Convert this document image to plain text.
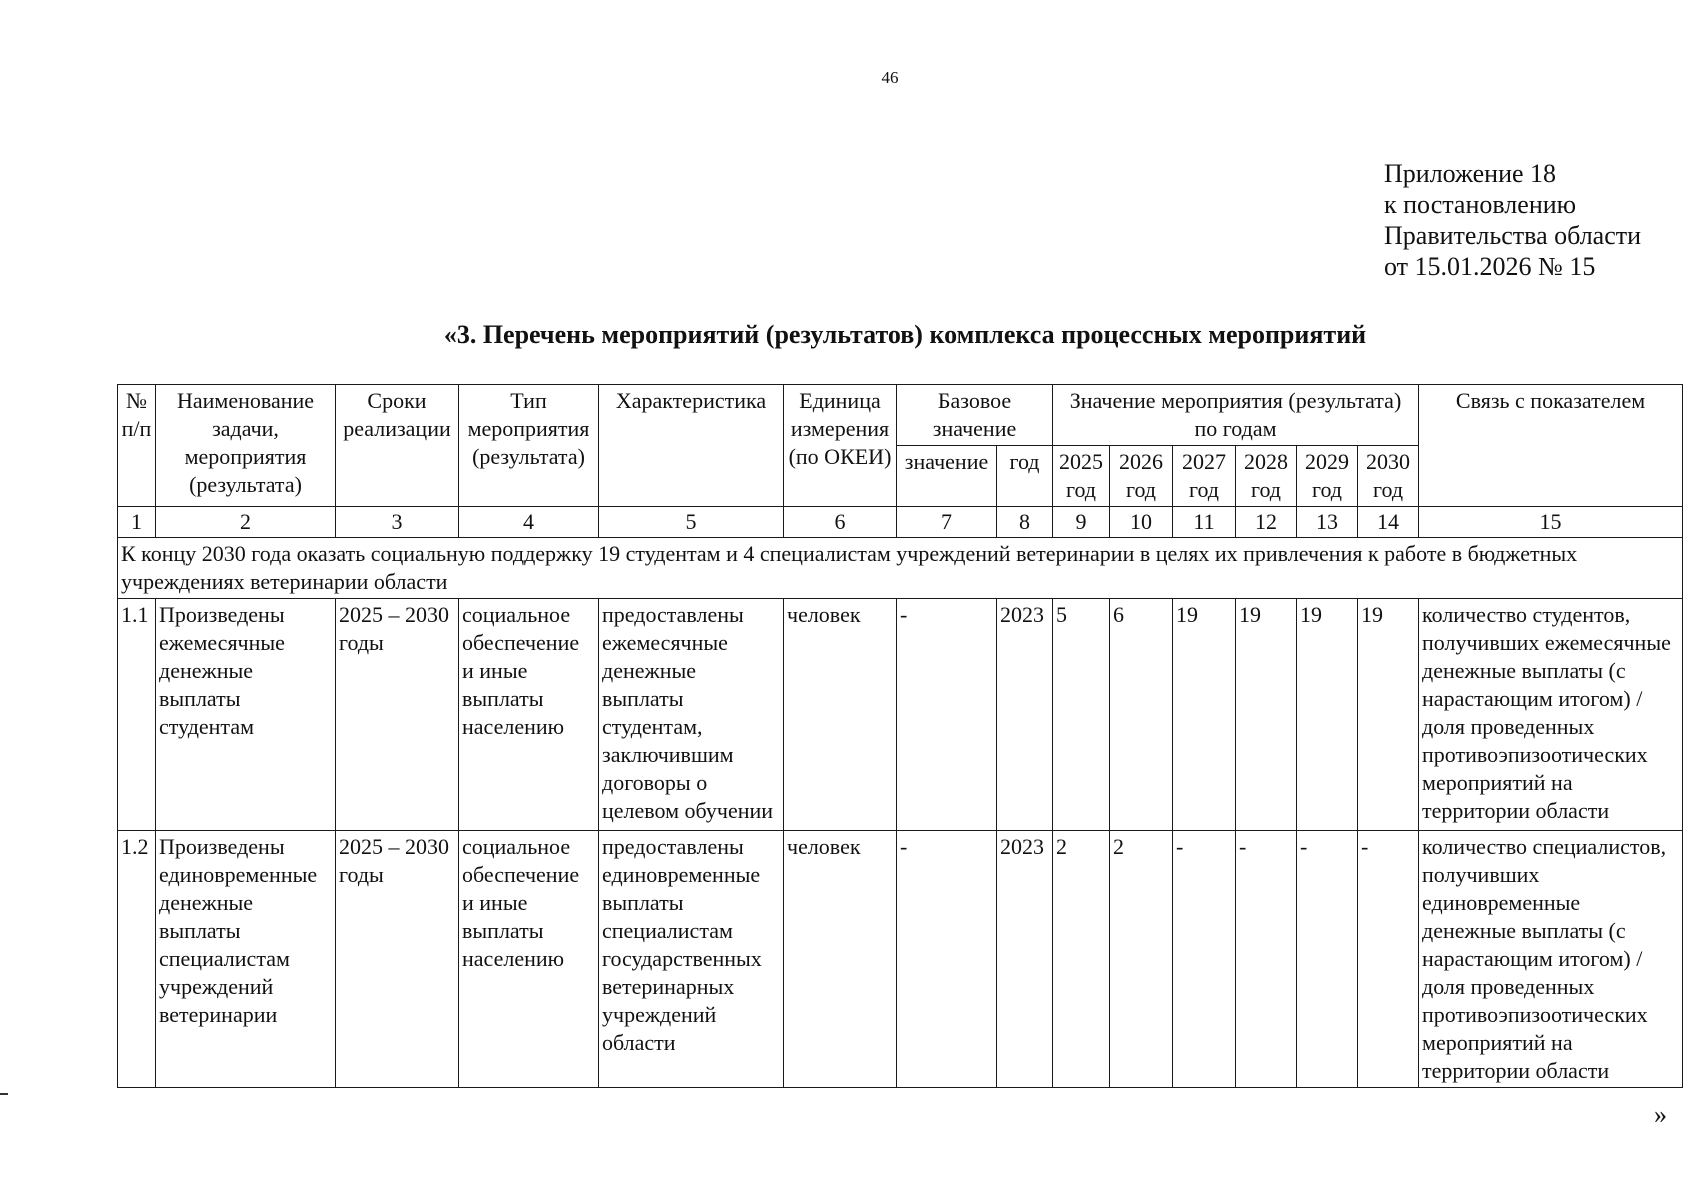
46
Приложение 18
к постановлению
Правительства области
от 15.01.2026 № 15
«3. Перечень мероприятий (результатов) комплекса процессных мероприятий
№ п/п	Наименование задачи, мероприятия (результата)	Сроки реализации	Тип мероприятия (результата)	Характеристика	Единица измерения (по ОКЕИ)	Базовое значение		Значение мероприятия (результата) по годам						Связь с показателем
						значение	год	2025 год	2026 год	2027 год	2028 год	2029 год	2030 год	
1	2	3	4	5	6	7	8	9	10	11	12	13	14	15
К концу 2030 года оказать социальную поддержку 19 студентам и 4 специалистам учреждений ветеринарии в целях их привлечения к работе в бюджетных учреждениях ветеринарии области														
1.1	Произведены ежемесячные денежные выплаты студентам	2025 – 2030 годы	социальное обеспечение и иные выплаты населению	предоставлены ежемесячные денежные выплаты студентам, заключившим договоры о целевом обучении	человек	-	2023	5	6	19	19	19	19	количество студентов, получивших ежемесячные денежные выплаты (с нарастающим итогом) / доля проведенных противоэпизоотических мероприятий на территории области
1.2	Произведены единовременные денежные выплаты специалистам учреждений ветеринарии	2025 – 2030 годы	социальное обеспечение и иные выплаты населению	предоставлены единовременные выплаты специалистам государственных ветеринарных учреждений области	человек	-	2023	2	2	-	-	-	-	количество специалистов, получивших единовременные денежные выплаты (с нарастающим итогом) / доля проведенных противоэпизоотических мероприятий на территории области
»
